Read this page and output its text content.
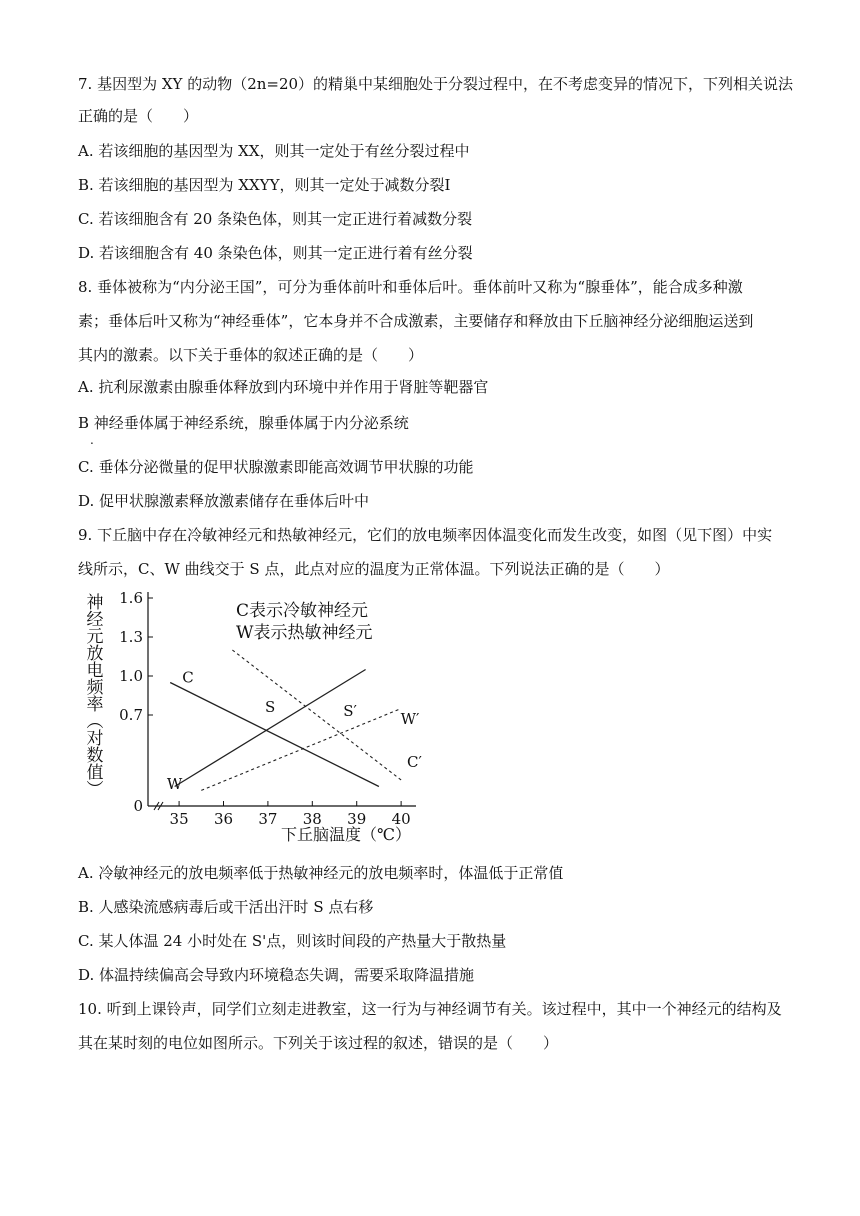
7. 基因型为 XY 的动物（2n=20）的精巢中某细胞处于分裂过程中，在不考虑变异的情况下，下列相关说法
正确的是（　　）
A. 若该细胞的基因型为 XX，则其一定处于有丝分裂过程中
B. 若该细胞的基因型为 XXYY，则其一定处于减数分裂Ⅰ
C. 若该细胞含有 20 条染色体，则其一定正进行着减数分裂
D. 若该细胞含有 40 条染色体，则其一定正进行着有丝分裂
8. 垂体被称为“内分泌王国”，可分为垂体前叶和垂体后叶。垂体前叶又称为“腺垂体”，能合成多种激
素；垂体后叶又称为“神经垂体”，它本身并不合成激素，主要储存和释放由下丘脑神经分泌细胞运送到
其内的激素。以下关于垂体的叙述正确的是（　　）
A. 抗利尿激素由腺垂体释放到内环境中并作用于肾脏等靶器官
B 神经垂体属于神经系统，腺垂体属于内分泌系统
.
C. 垂体分泌微量的促甲状腺激素即能高效调节甲状腺的功能
D. 促甲状腺激素释放激素储存在垂体后叶中
9. 下丘脑中存在冷敏神经元和热敏神经元，它们的放电频率因体温变化而发生改变，如图（见下图）中实
线所示，C、W 曲线交于 S 点，此点对应的温度为正常体温。下列说法正确的是（　　）
0
0.7
1.0
1.3
1.6
35 36 37 38 39 40
下丘脑温度（℃）
神
经
元
放
电
频
率
︵
对
数
值
︶
C表示冷敏神经元
W表示热敏神经元
C
W
W′
C′
S	S′
A. 冷敏神经元的放电频率低于热敏神经元的放电频率时，体温低于正常值
B. 人感染流感病毒后或干活出汗时 S 点右移
C. 某人体温 24 小时处在 S'点，则该时间段的产热量大于散热量
D. 体温持续偏高会导致内环境稳态失调，需要采取降温措施
10. 听到上课铃声，同学们立刻走进教室，这一行为与神经调节有关。该过程中，其中一个神经元的结构及
其在某时刻的电位如图所示。下列关于该过程的叙述，错误的是（　　）
